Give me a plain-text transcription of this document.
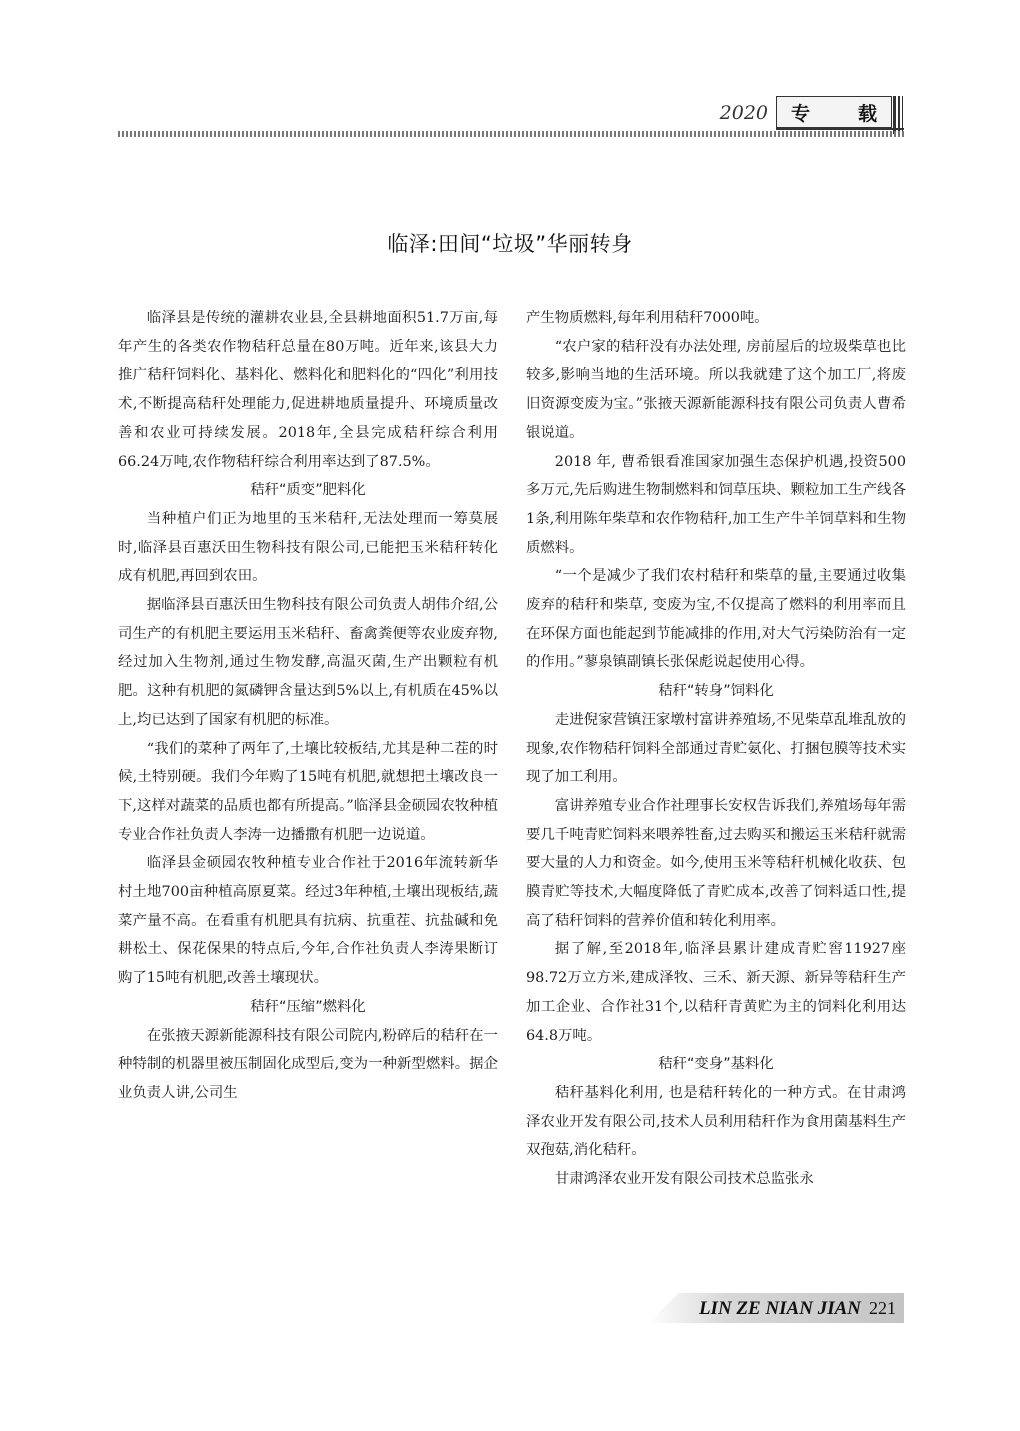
2020 专	载
临泽:田间“垃圾”华丽转身

临泽县是传统的灌耕农业县,全县耕地面积51.7万亩,每年产生的各类农作物秸秆总量在80万吨。近年来,该县大力推广秸秆饲料化、基料化、燃料化和肥料化的“四化”利用技术,不断提高秸秆处理能力,促进耕地质量提升、环境质量改善和农业可持续发展。2018年,全县完成秸秆综合利用66.24万吨,农作物秸秆综合利用率达到了87.5%。

秸秆“质变”肥料化

当种植户们正为地里的玉米秸秆,无法处理而一筹莫展时,临泽县百惠沃田生物科技有限公司,已能把玉米秸秆转化成有机肥,再回到农田。

据临泽县百惠沃田生物科技有限公司负责人胡伟介绍,公司生产的有机肥主要运用玉米秸秆、畜禽粪便等农业废弃物,经过加入生物剂,通过生物发酵,高温灭菌,生产出颗粒有机肥。这种有机肥的氮磷钾含量达到5%以上,有机质在45%以上,均已达到了国家有机肥的标准。

“我们的菜种了两年了,土壤比较板结,尤其是种二茬的时候,土特别硬。我们今年购了15吨有机肥,就想把土壤改良一下,这样对蔬菜的品质也都有所提高。”临泽县金硕园农牧种植专业合作社负责人李涛一边播撒有机肥一边说道。

临泽县金硕园农牧种植专业合作社于2016年流转新华村土地700亩种植高原夏菜。经过3年种植,土壤出现板结,蔬菜产量不高。在看重有机肥具有抗病、抗重茬、抗盐碱和免耕松土、保花保果的特点后,今年,合作社负责人李涛果断订购了15吨有机肥,改善土壤现状。

秸秆“压缩”燃料化

在张掖天源新能源科技有限公司院内,粉碎后的秸秆在一种特制的机器里被压制固化成型后,变为一种新型燃料。据企业负责人讲,公司生

产生物质燃料,每年利用秸秆7000吨。

“农户家的秸秆没有办法处理, 房前屋后的垃圾柴草也比较多,影响当地的生活环境。所以我就建了这个加工厂,将废旧资源变废为宝。”张掖天源新能源科技有限公司负责人曹希银说道。

2018 年, 曹希银看准国家加强生态保护机遇,投资500多万元,先后购进生物制燃料和饲草压块、颗粒加工生产线各1条,利用陈年柴草和农作物秸秆,加工生产牛羊饲草料和生物质燃料。

“一个是减少了我们农村秸秆和柴草的量,主要通过收集废弃的秸秆和柴草, 变废为宝,不仅提高了燃料的利用率而且在环保方面也能起到节能减排的作用,对大气污染防治有一定的作用。”蓼泉镇副镇长张保彪说起使用心得。

秸秆“转身”饲料化

走进倪家营镇汪家墩村富讲养殖场,不见柴草乱堆乱放的现象,农作物秸秆饲料全部通过青贮氨化、打捆包膜等技术实现了加工利用。

富讲养殖专业合作社理事长安权告诉我们,养殖场每年需要几千吨青贮饲料来喂养牲畜,过去购买和搬运玉米秸秆就需要大量的人力和资金。如今,使用玉米等秸秆机械化收获、包膜青贮等技术,大幅度降低了青贮成本,改善了饲料适口性,提高了秸秆饲料的营养价值和转化利用率。

据了解,至2018年,临泽县累计建成青贮窖11927座98.72万立方米,建成泽牧、三禾、新天源、新异等秸秆生产加工企业、合作社31个,以秸秆青黄贮为主的饲料化利用达64.8万吨。

秸秆“变身”基料化

秸秆基料化利用, 也是秸秆转化的一种方式。在甘肃鸿泽农业开发有限公司,技术人员利用秸秆作为食用菌基料生产双孢菇,消化秸秆。

甘肃鸿泽农业开发有限公司技术总监张永

LIN ZE NIAN JIAN 221
